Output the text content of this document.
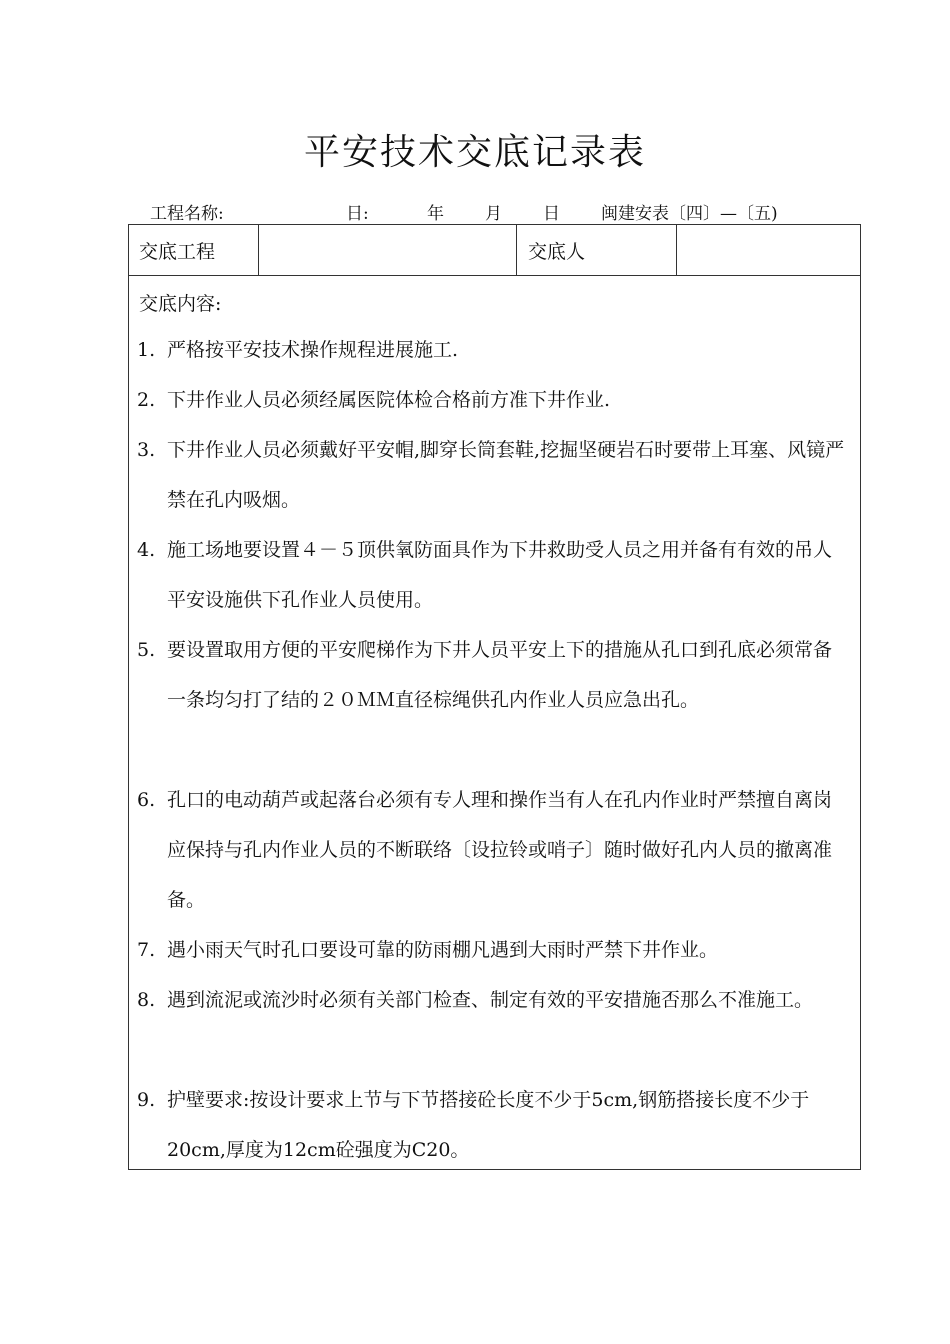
平安技术交底记录表
工程名称:	日:	年 月 日 闽建安表〔四〕—〔五)
交底工程	交底人
交底内容:
1. 严格按平安技术操作规程进展施工.
2. 下井作业人员必须经属医院体检合格前方准下井作业.
3. 下井作业人员必须戴好平安帽,脚穿长筒套鞋,挖掘坚硬岩石时要带上耳塞、风镜严禁在孔内吸烟。
4. 施工场地要设置４－５顶供氧防面具作为下井救助受人员之用并备有有效的吊人平安设施供下孔作业人员使用。
5. 要设置取用方便的平安爬梯作为下井人员平安上下的措施从孔口到孔底必须常备一条均匀打了结的２０ＭＭ直径棕绳供孔内作业人员应急出孔。
6. 孔口的电动葫芦或起落台必须有专人理和操作当有人在孔内作业时严禁擅自离岗应保持与孔内作业人员的不断联络〔设拉铃或哨子〕随时做好孔内人员的撤离准备。
7. 遇小雨天气时孔口要设可靠的防雨棚凡遇到大雨时严禁下井作业。
8. 遇到流泥或流沙时必须有关部门检查、制定有效的平安措施否那么不准施工。
9. 护壁要求:按设计要求上节与下节搭接砼长度不少于5cm,钢筋搭接长度不少于20cm,厚度为12cm砼强度为C20。
